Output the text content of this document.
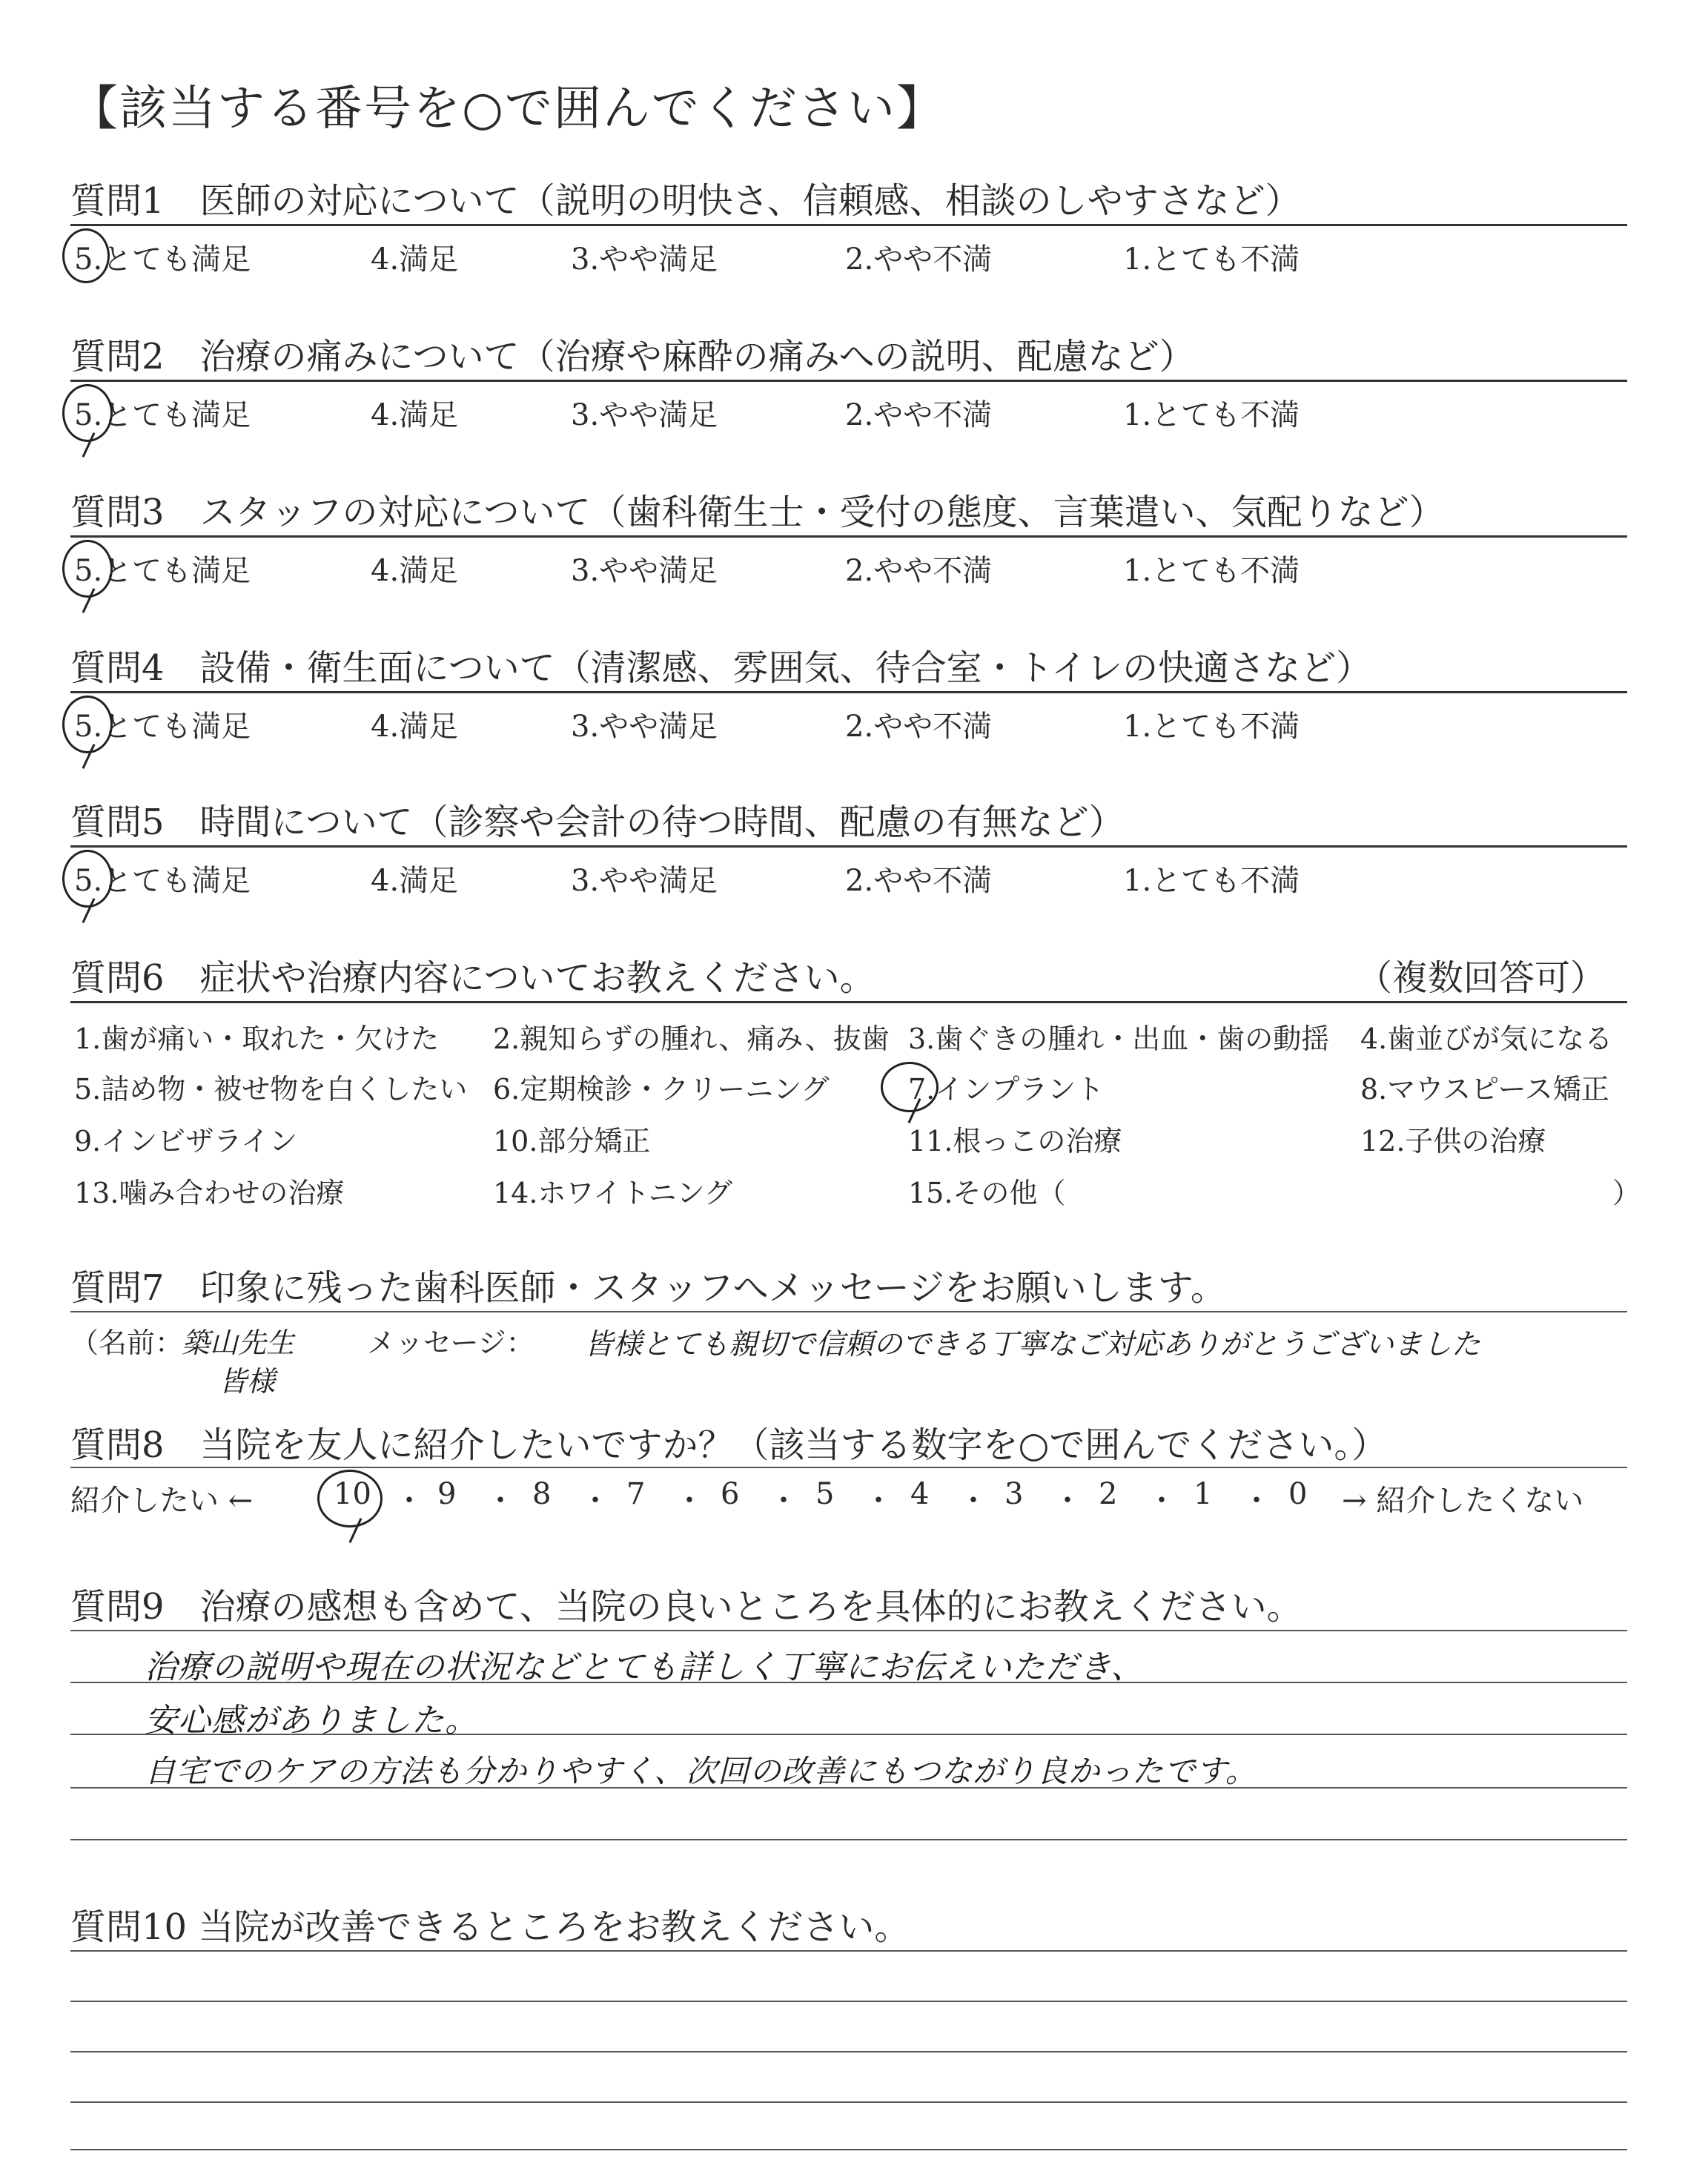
【該当する番号を○で囲んでください】
質問1　医師の対応について（説明の明快さ、信頼感、相談のしやすさなど）
5.とても満足	4.満足	3.やや満足	2.やや不満	1.とても不満
質問2　治療の痛みについて（治療や麻酔の痛みへの説明、配慮など）
5.とても満足	4.満足	3.やや満足	2.やや不満	1.とても不満
質問3　スタッフの対応について（歯科衛生士・受付の態度、言葉遣い、気配りなど）
5.とても満足	4.満足	3.やや満足	2.やや不満	1.とても不満
質問4　設備・衛生面について（清潔感、雰囲気、待合室・トイレの快適さなど）
5.とても満足	4.満足	3.やや満足	2.やや不満	1.とても不満
質問5　時間について（診察や会計の待つ時間、配慮の有無など）
5.とても満足	4.満足	3.やや満足	2.やや不満	1.とても不満
質問6　症状や治療内容についてお教えください。	（複数回答可）
1.歯が痛い・取れた・欠けた 2.親知らずの腫れ、痛み、抜歯 3.歯ぐきの腫れ・出血・歯の動揺 4.歯並びが気になる
5.詰め物・被せ物を白くしたい 6.定期検診・クリーニング	7.インプラント	8.マウスピース矯正
9.インビザライン	10.部分矯正	11.根っこの治療	12.子供の治療
13.噛み合わせの治療	14.ホワイトニング	15.その他（	）
質問7　印象に残った歯科医師・スタッフへメッセージをお願いします。
（名前：
築山先生
皆様
メッセージ： 皆様とても親切で信頼のできる丁寧なご対応ありがとうございました
質問8　当院を友人に紹介したいですか？（該当する数字を○で囲んでください。）
紹介したい ←	10 ・ 9 ・ 8 ・ 7 ・ 6 ・ 5 ・ 4 ・ 3 ・ 2 ・ 1 ・ 0 → 紹介したくない
質問9　治療の感想も含めて、当院の良いところを具体的にお教えください。
治療の説明や現在の状況などとても詳しく丁寧にお伝えいただき、
安心感がありました。
自宅でのケアの方法も分かりやすく、次回の改善にもつながり良かったです。
質問10 当院が改善できるところをお教えください。
